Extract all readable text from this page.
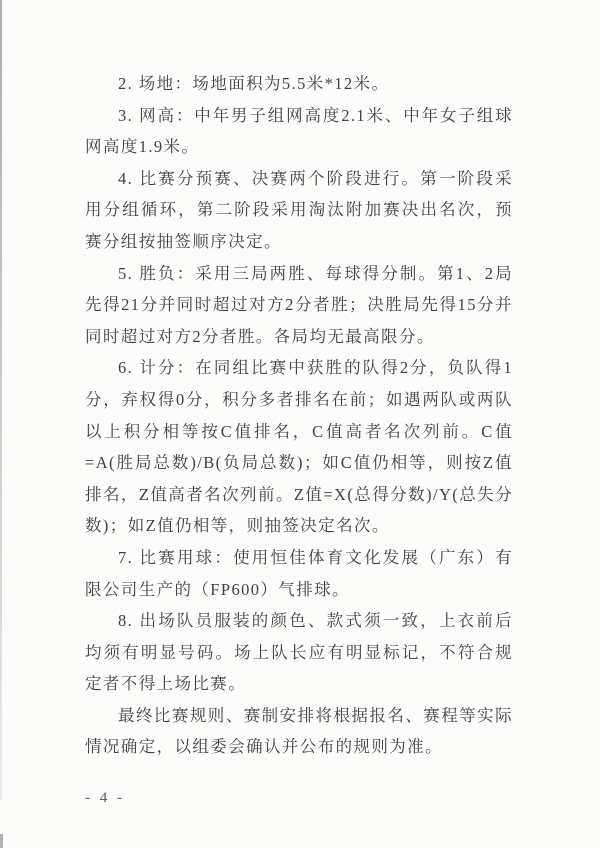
2. 场地：场地面积为5.5米*12米。

3. 网高：中年男子组网高度2.1米、中年女子组球网高度1.9米。

4. 比赛分预赛、决赛两个阶段进行。第一阶段采用分组循环，第二阶段采用淘汰附加赛决出名次，预赛分组按抽签顺序决定。

5. 胜负：采用三局两胜、每球得分制。第1、2局先得21分并同时超过对方2分者胜；决胜局先得15分并同时超过对方2分者胜。各局均无最高限分。

6. 计分：在同组比赛中获胜的队得2分，负队得1分，弃权得0分，积分多者排名在前；如遇两队或两队以上积分相等按C值排名，C值高者名次列前。C值=A(胜局总数)/B(负局总数)；如C值仍相等，则按Z值排名，Z值高者名次列前。Z值=X(总得分数)/Y(总失分数)；如Z值仍相等，则抽签决定名次。

7. 比赛用球：使用恒佳体育文化发展（广东）有限公司生产的（FP600）气排球。

8. 出场队员服装的颜色、款式须一致，上衣前后均须有明显号码。场上队长应有明显标记，不符合规定者不得上场比赛。

最终比赛规则、赛制安排将根据报名、赛程等实际情况确定，以组委会确认并公布的规则为准。

- 4 -
